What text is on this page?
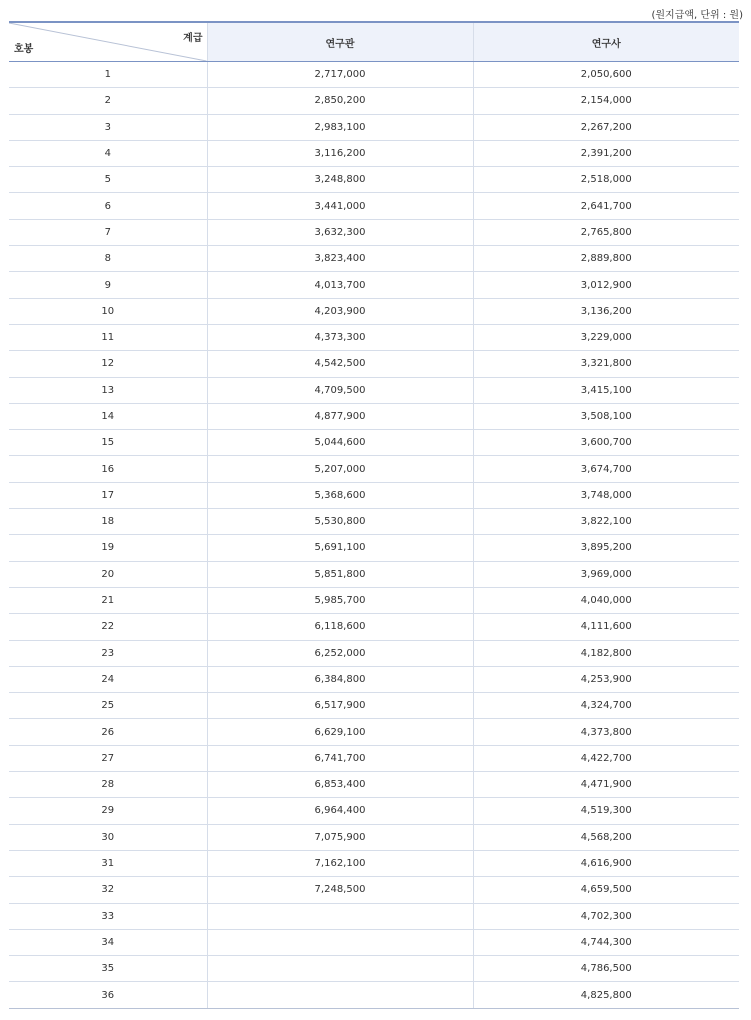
(원지급액, 단위 : 원)
계급
호봉	연구관	연구사
1	2,717,000	2,050,600
2	2,850,200	2,154,000
3	2,983,100	2,267,200
4	3,116,200	2,391,200
5	3,248,800	2,518,000
6	3,441,000	2,641,700
7	3,632,300	2,765,800
8	3,823,400	2,889,800
9	4,013,700	3,012,900
10	4,203,900	3,136,200
11	4,373,300	3,229,000
12	4,542,500	3,321,800
13	4,709,500	3,415,100
14	4,877,900	3,508,100
15	5,044,600	3,600,700
16	5,207,000	3,674,700
17	5,368,600	3,748,000
18	5,530,800	3,822,100
19	5,691,100	3,895,200
20	5,851,800	3,969,000
21	5,985,700	4,040,000
22	6,118,600	4,111,600
23	6,252,000	4,182,800
24	6,384,800	4,253,900
25	6,517,900	4,324,700
26	6,629,100	4,373,800
27	6,741,700	4,422,700
28	6,853,400	4,471,900
29	6,964,400	4,519,300
30	7,075,900	4,568,200
31	7,162,100	4,616,900
32	7,248,500	4,659,500
33		4,702,300
34		4,744,300
35		4,786,500
36		4,825,800
